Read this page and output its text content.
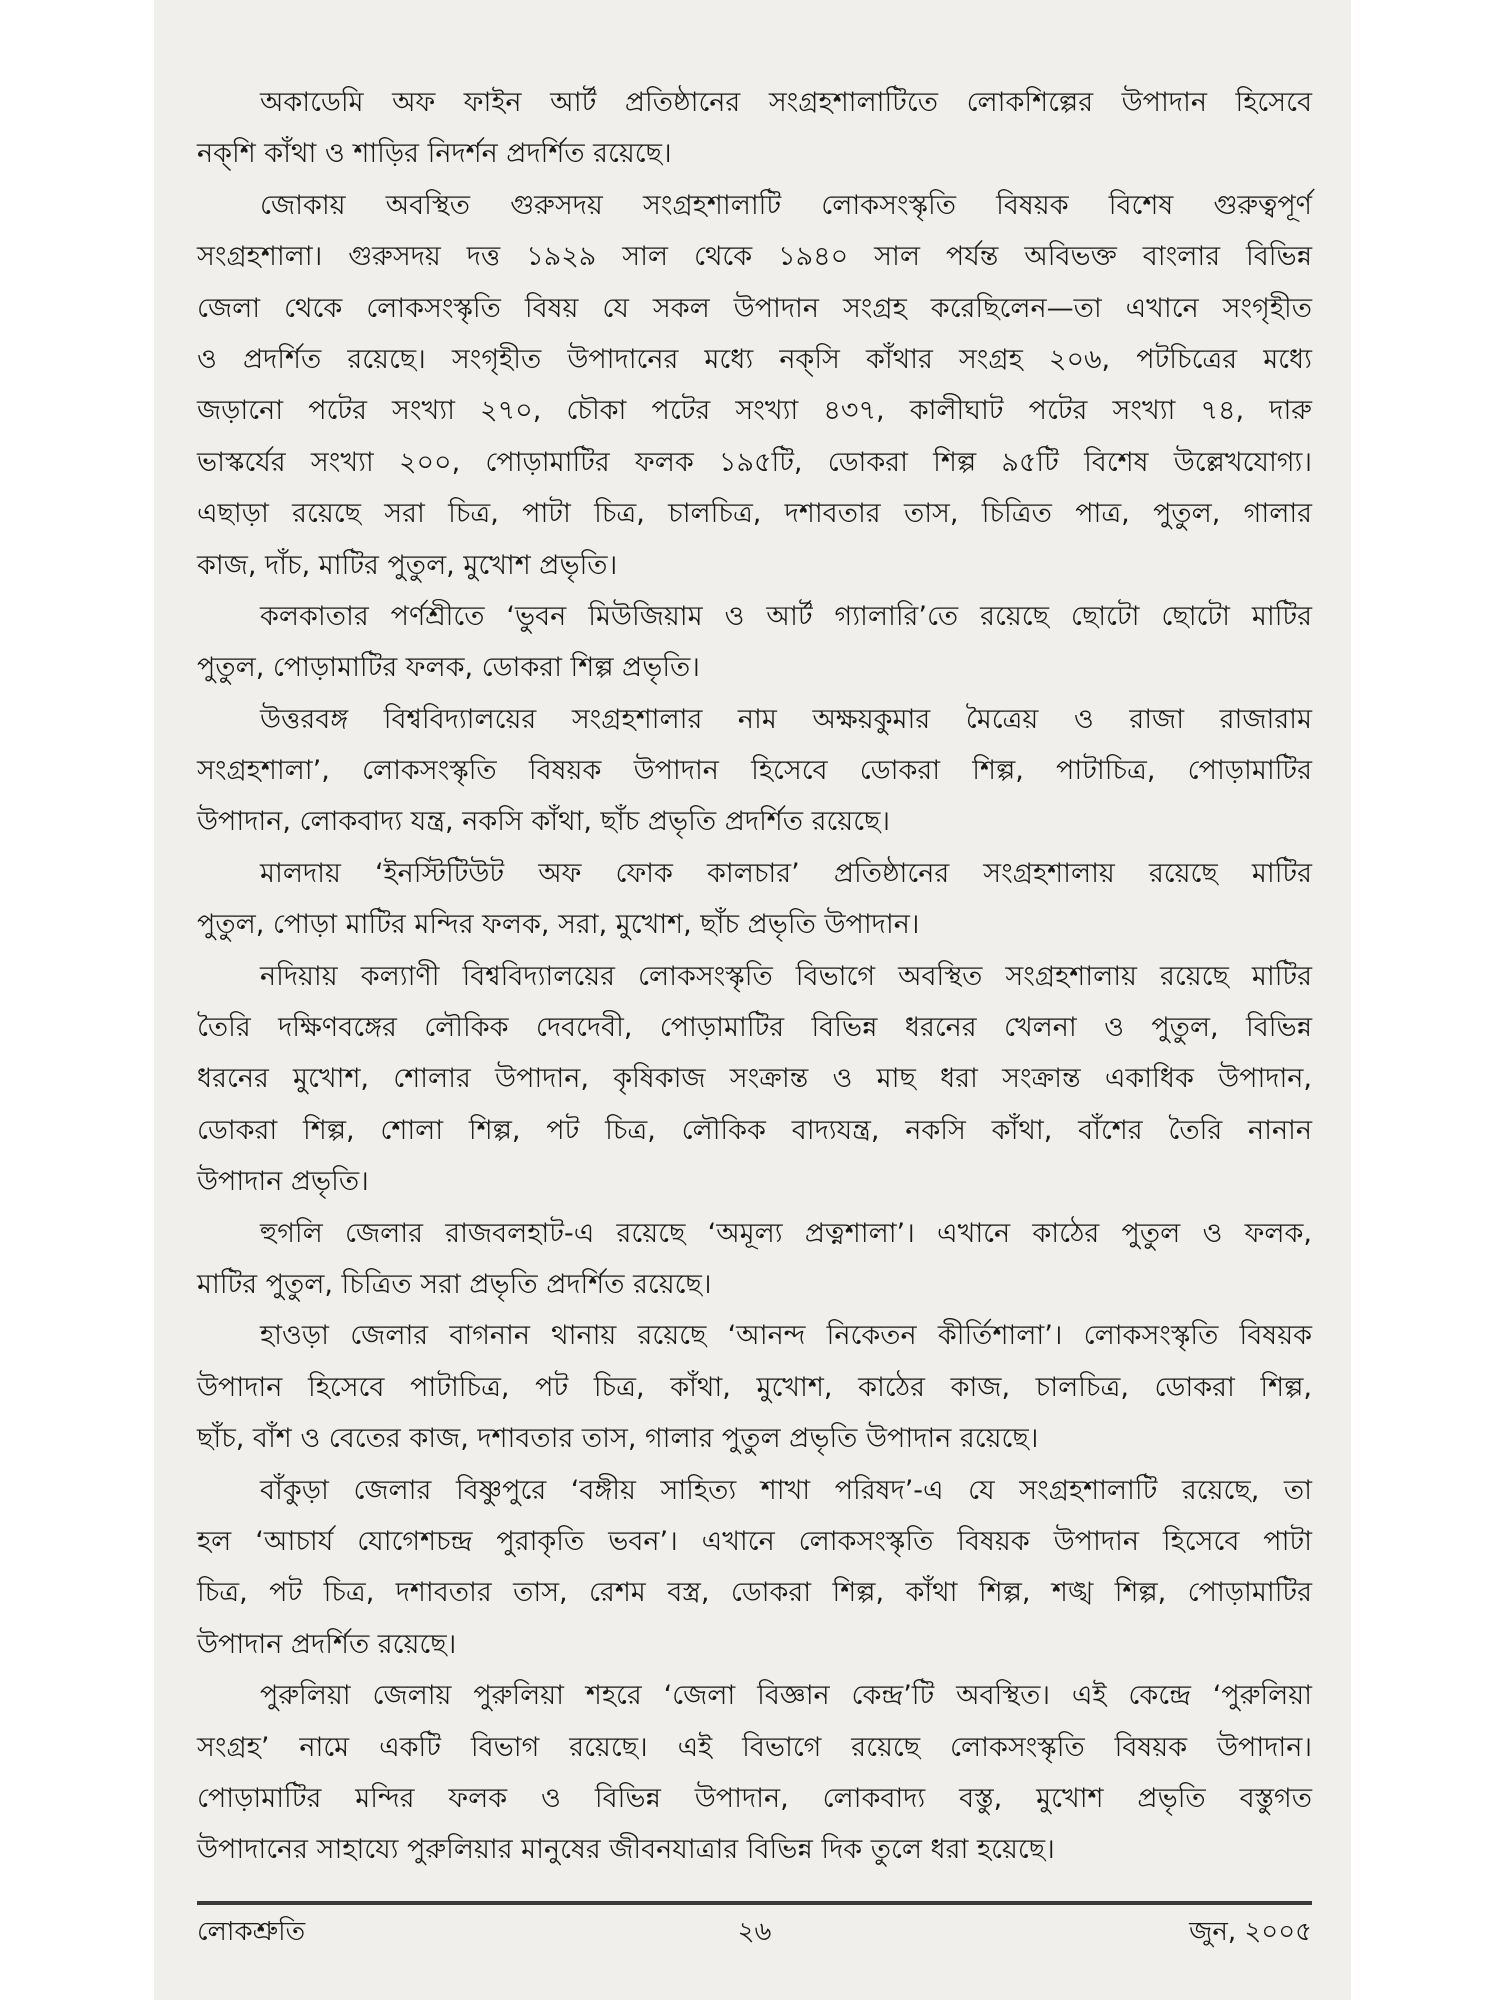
অকাডেমি অফ ফাইন আর্ট প্রতিষ্ঠানের সংগ্রহশালাটিতে লোকশিল্পের উপাদান হিসেবে
নক্‌শি কাঁথা ও শাড়ির নিদর্শন প্রদর্শিত রয়েছে।
জোকায় অবস্থিত গুরুসদয় সংগ্রহশালাটি লোকসংস্কৃতি বিষয়ক বিশেষ গুরুত্বপূর্ণ
সংগ্রহশালা। গুরুসদয় দত্ত ১৯২৯ সাল থেকে ১৯৪০ সাল পর্যন্ত অবিভক্ত বাংলার বিভিন্ন
জেলা থেকে লোকসংস্কৃতি বিষয় যে সকল উপাদান সংগ্রহ করেছিলেন—তা এখানে সংগৃহীত
ও প্রদর্শিত রয়েছে। সংগৃহীত উপাদানের মধ্যে নক্‌সি কাঁথার সংগ্রহ ২০৬, পটচিত্রের মধ্যে
জড়ানো পটের সংখ্যা ২৭০, চৌকা পটের সংখ্যা ৪৩৭, কালীঘাট পটের সংখ্যা ৭৪, দারু
ভাস্কর্যের সংখ্যা ২০০, পোড়ামাটির ফলক ১৯৫টি, ডোকরা শিল্প ৯৫টি বিশেষ উল্লেখযোগ্য।
এছাড়া রয়েছে সরা চিত্র, পাটা চিত্র, চালচিত্র, দশাবতার তাস, চিত্রিত পাত্র, পুতুল, গালার
কাজ, দাঁচ, মাটির পুতুল, মুখোশ প্রভৃতি।
কলকাতার পর্ণশ্রীতে ‘ভুবন মিউজিয়াম ও আর্ট গ্যালারি’তে রয়েছে ছোটো ছোটো মাটির
পুতুল, পোড়ামাটির ফলক, ডোকরা শিল্প প্রভৃতি।
উত্তরবঙ্গ বিশ্ববিদ্যালয়ের সংগ্রহশালার নাম অক্ষয়কুমার মৈত্রেয় ও রাজা রাজারাম
সংগ্রহশালা’, লোকসংস্কৃতি বিষয়ক উপাদান হিসেবে ডোকরা শিল্প, পাটাচিত্র, পোড়ামাটির
উপাদান, লোকবাদ্য যন্ত্র, নকসি কাঁথা, ছাঁচ প্রভৃতি প্রদর্শিত রয়েছে।
মালদায় ‘ইনস্টিটিউট অফ ফোক কালচার’ প্রতিষ্ঠানের সংগ্রহশালায় রয়েছে মাটির
পুতুল, পোড়া মাটির মন্দির ফলক, সরা, মুখোশ, ছাঁচ প্রভৃতি উপাদান।
নদিয়ায় কল্যাণী বিশ্ববিদ্যালয়ের লোকসংস্কৃতি বিভাগে অবস্থিত সংগ্রহশালায় রয়েছে মাটির
তৈরি দক্ষিণবঙ্গের লৌকিক দেবদেবী, পোড়ামাটির বিভিন্ন ধরনের খেলনা ও পুতুল, বিভিন্ন
ধরনের মুখোশ, শোলার উপাদান, কৃষিকাজ সংক্রান্ত ও মাছ ধরা সংক্রান্ত একাধিক উপাদান,
ডোকরা শিল্প, শোলা শিল্প, পট চিত্র, লৌকিক বাদ্যযন্ত্র, নকসি কাঁথা, বাঁশের তৈরি নানান
উপাদান প্রভৃতি।
হুগলি জেলার রাজবলহাট-এ রয়েছে ‘অমূল্য প্রত্নশালা’। এখানে কাঠের পুতুল ও ফলক,
মাটির পুতুল, চিত্রিত সরা প্রভৃতি প্রদর্শিত রয়েছে।
হাওড়া জেলার বাগনান থানায় রয়েছে ‘আনন্দ নিকেতন কীর্তিশালা’। লোকসংস্কৃতি বিষয়ক
উপাদান হিসেবে পাটাচিত্র, পট চিত্র, কাঁথা, মুখোশ, কাঠের কাজ, চালচিত্র, ডোকরা শিল্প,
ছাঁচ, বাঁশ ও বেতের কাজ, দশাবতার তাস, গালার পুতুল প্রভৃতি উপাদান রয়েছে।
বাঁকুড়া জেলার বিষ্ণুপুরে ‘বঙ্গীয় সাহিত্য শাখা পরিষদ’-এ যে সংগ্রহশালাটি রয়েছে, তা
হল ‘আচার্য যোগেশচন্দ্র পুরাকৃতি ভবন’। এখানে লোকসংস্কৃতি বিষয়ক উপাদান হিসেবে পাটা
চিত্র, পট চিত্র, দশাবতার তাস, রেশম বস্ত্র, ডোকরা শিল্প, কাঁথা শিল্প, শঙ্খ শিল্প, পোড়ামাটির
উপাদান প্রদর্শিত রয়েছে।
পুরুলিয়া জেলায় পুরুলিয়া শহরে ‘জেলা বিজ্ঞান কেন্দ্র’টি অবস্থিত। এই কেন্দ্রে ‘পুরুলিয়া
সংগ্রহ’ নামে একটি বিভাগ রয়েছে। এই বিভাগে রয়েছে লোকসংস্কৃতি বিষয়ক উপাদান।
পোড়ামাটির মন্দির ফলক ও বিভিন্ন উপাদান, লোকবাদ্য বস্তু, মুখোশ প্রভৃতি বস্তুগত
উপাদানের সাহায্যে পুরুলিয়ার মানুষের জীবনযাত্রার বিভিন্ন দিক তুলে ধরা হয়েছে।
লোকশ্রুতি	২৬	জুন, ২০০৫
